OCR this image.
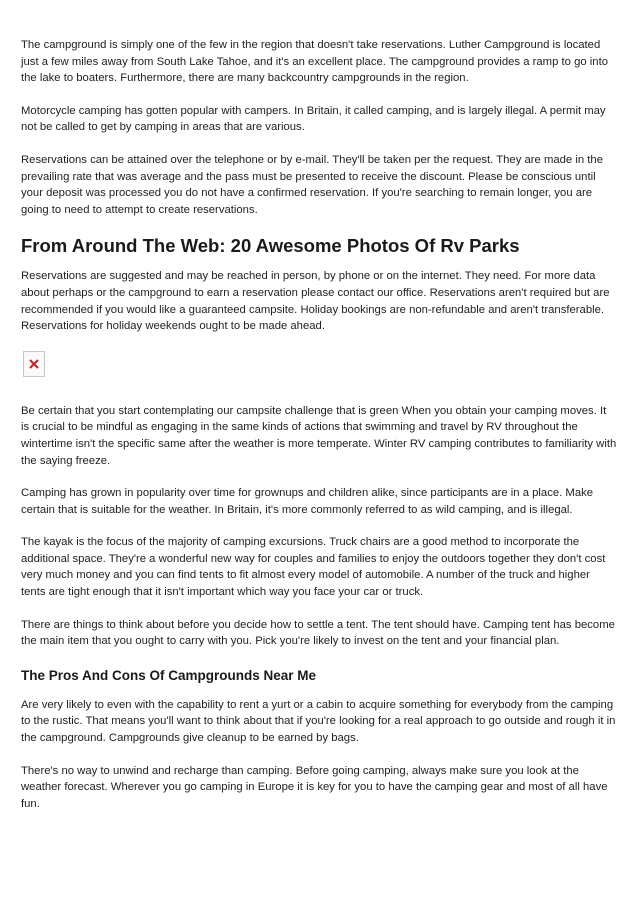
The campground is simply one of the few in the region that doesn't take reservations. Luther Campground is located just a few miles away from South Lake Tahoe, and it's an excellent place. The campground provides a ramp to go into the lake to boaters. Furthermore, there are many backcountry campgrounds in the region.

Motorcycle camping has gotten popular with campers. In Britain, it called camping, and is largely illegal. A permit may not be called to get by camping in areas that are various.

Reservations can be attained over the telephone or by e-mail. They'll be taken per the request. They are made in the prevailing rate that was average and the pass must be presented to receive the discount. Please be conscious until your deposit was processed you do not have a confirmed reservation. If you're searching to remain longer, you are going to need to attempt to create reservations.

From Around The Web: 20 Awesome Photos Of Rv Parks

Reservations are suggested and may be reached in person, by phone or on the internet. They need. For more data about perhaps or the campground to earn a reservation please contact our office. Reservations aren't required but are recommended if you would like a guaranteed campsite. Holiday bookings are non-refundable and aren't transferable. Reservations for holiday weekends ought to be made ahead.

Be certain that you start contemplating our campsite challenge that is green When you obtain your camping moves. It is crucial to be mindful as engaging in the same kinds of actions that swimming and travel by RV throughout the wintertime isn't the specific same after the weather is more temperate. Winter RV camping contributes to familiarity with the saying freeze.

Camping has grown in popularity over time for grownups and children alike, since participants are in a place. Make certain that is suitable for the weather. In Britain, it's more commonly referred to as wild camping, and is illegal.

The kayak is the focus of the majority of camping excursions. Truck chairs are a good method to incorporate the additional space. They're a wonderful new way for couples and families to enjoy the outdoors together they don't cost very much money and you can find tents to fit almost every model of automobile. A number of the truck and higher tents are tight enough that it isn't important which way you face your car or truck.

There are things to think about before you decide how to settle a tent. The tent should have. Camping tent has become the main item that you ought to carry with you. Pick you're likely to invest on the tent and your financial plan.

The Pros And Cons Of Campgrounds Near Me

Are very likely to even with the capability to rent a yurt or a cabin to acquire something for everybody from the camping to the rustic. That means you'll want to think about that if you're looking for a real approach to go outside and rough it in the campground. Campgrounds give cleanup to be earned by bags.

There's no way to unwind and recharge than camping. Before going camping, always make sure you look at the weather forecast. Wherever you go camping in Europe it is key for you to have the camping gear and most of all have fun.
